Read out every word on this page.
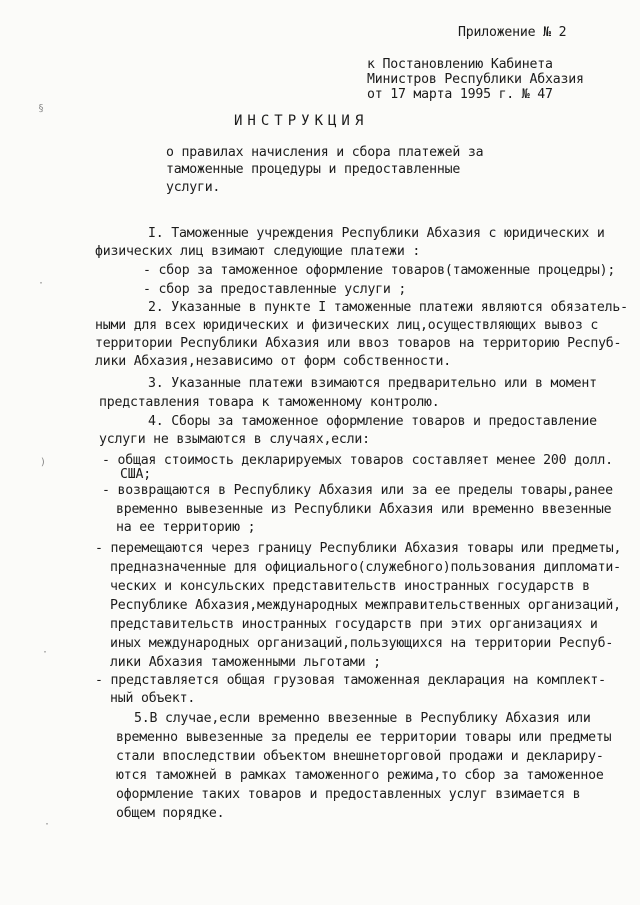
Приложение № 2
к Постановлению Кабинета
Министров Республики Абхазия
от 17 марта 1995 г. № 47
ИНСТРУКЦИЯ
о правилах начисления и сбора платежей за
таможенные процедуры и предоставленные
услуги.
I. Таможенные учреждения Республики Абхазия с юридических и
физических лиц взимают следующие платежи :
- сбор за таможенное оформление товаров(таможенные процедры);
- сбор за предоставленные услуги ;
2. Указанные в пункте I таможенные платежи являются обязатель-
ными для всех юридических и физических лиц,осуществляющих вывоз с
территории Республики Абхазия или ввоз товаров на территорию Респуб-
лики Абхазия,независимо от форм собственности.
3. Указанные платежи взимаются предварительно или в момент
представления товара к таможенному контролю.
4. Сборы за таможенное оформление товаров и предоставление
услуги не взымаются в случаях,если:
- общая стоимость декларируемых товаров составляет менее 200 долл.
США;
- возвращаются в Республику Абхазия или за ее пределы товары,ранее
временно вывезенные из Республики Абхазия или временно ввезенные
на ее территорию ;
- перемещаются через границу Республики Абхазия товары или предметы,
предназначенные для официального(служебного)пользования дипломати-
ческих и консульских представительств иностранных государств в
Республике Абхазия,международных межправительственных организаций,
представительств иностранных государств при этих организациях и
иных международных организаций,пользующихся на территории Респуб-
лики Абхазия таможенными льготами ;
- представляется общая грузовая таможенная декларация на комплект-
ный объект.
5.В случае,если временно ввезенные в Республику Абхазия или
временно вывезенные за пределы ее территории товары или предметы
стали впоследствии объектом внешнеторговой продажи и деклариру-
ются таможней в рамках таможенного режима,то сбор за таможенное
оформление таких товаров и предоставленных услуг взимается в
общем порядке.
§
·
)
·
·
